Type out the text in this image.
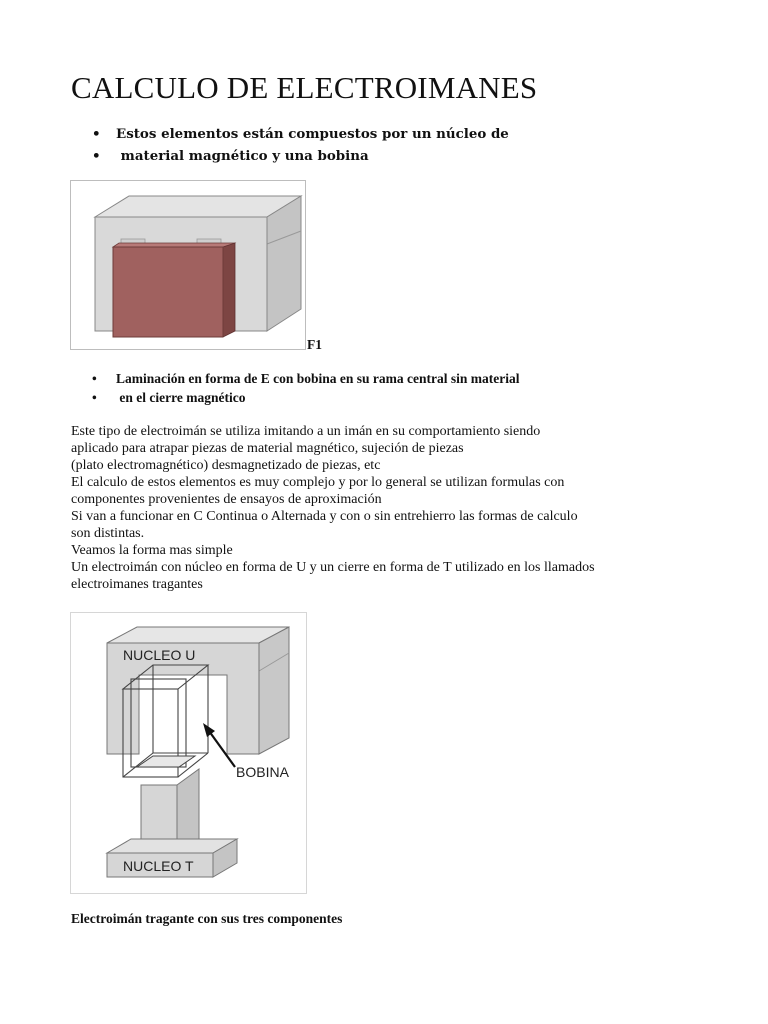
CALCULO DE ELECTROIMANES
• Estos elementos están compuestos por un núcleo de
• material magnético y una bobina
F1
• Laminación en forma de E con bobina en su rama central sin material
• en el cierre magnético
Este tipo de electroimán se utiliza imitando a un imán en su comportamiento siendo
aplicado para atrapar piezas de material magnético, sujeción de piezas
(plato electromagnético) desmagnetizado de piezas, etc
El calculo de estos elementos es muy complejo y por lo general se utilizan formulas con
componentes provenientes de ensayos de aproximación
Si van a funcionar en C Continua o Alternada y con o sin entrehierro las formas de calculo
son distintas.
Veamos la forma mas simple
Un electroimán con núcleo en forma de U y un cierre en forma de T utilizado en los llamados
electroimanes tragantes
NUCLEO U
BOBINA
NUCLEO T
Electroimán tragante con sus tres componentes
